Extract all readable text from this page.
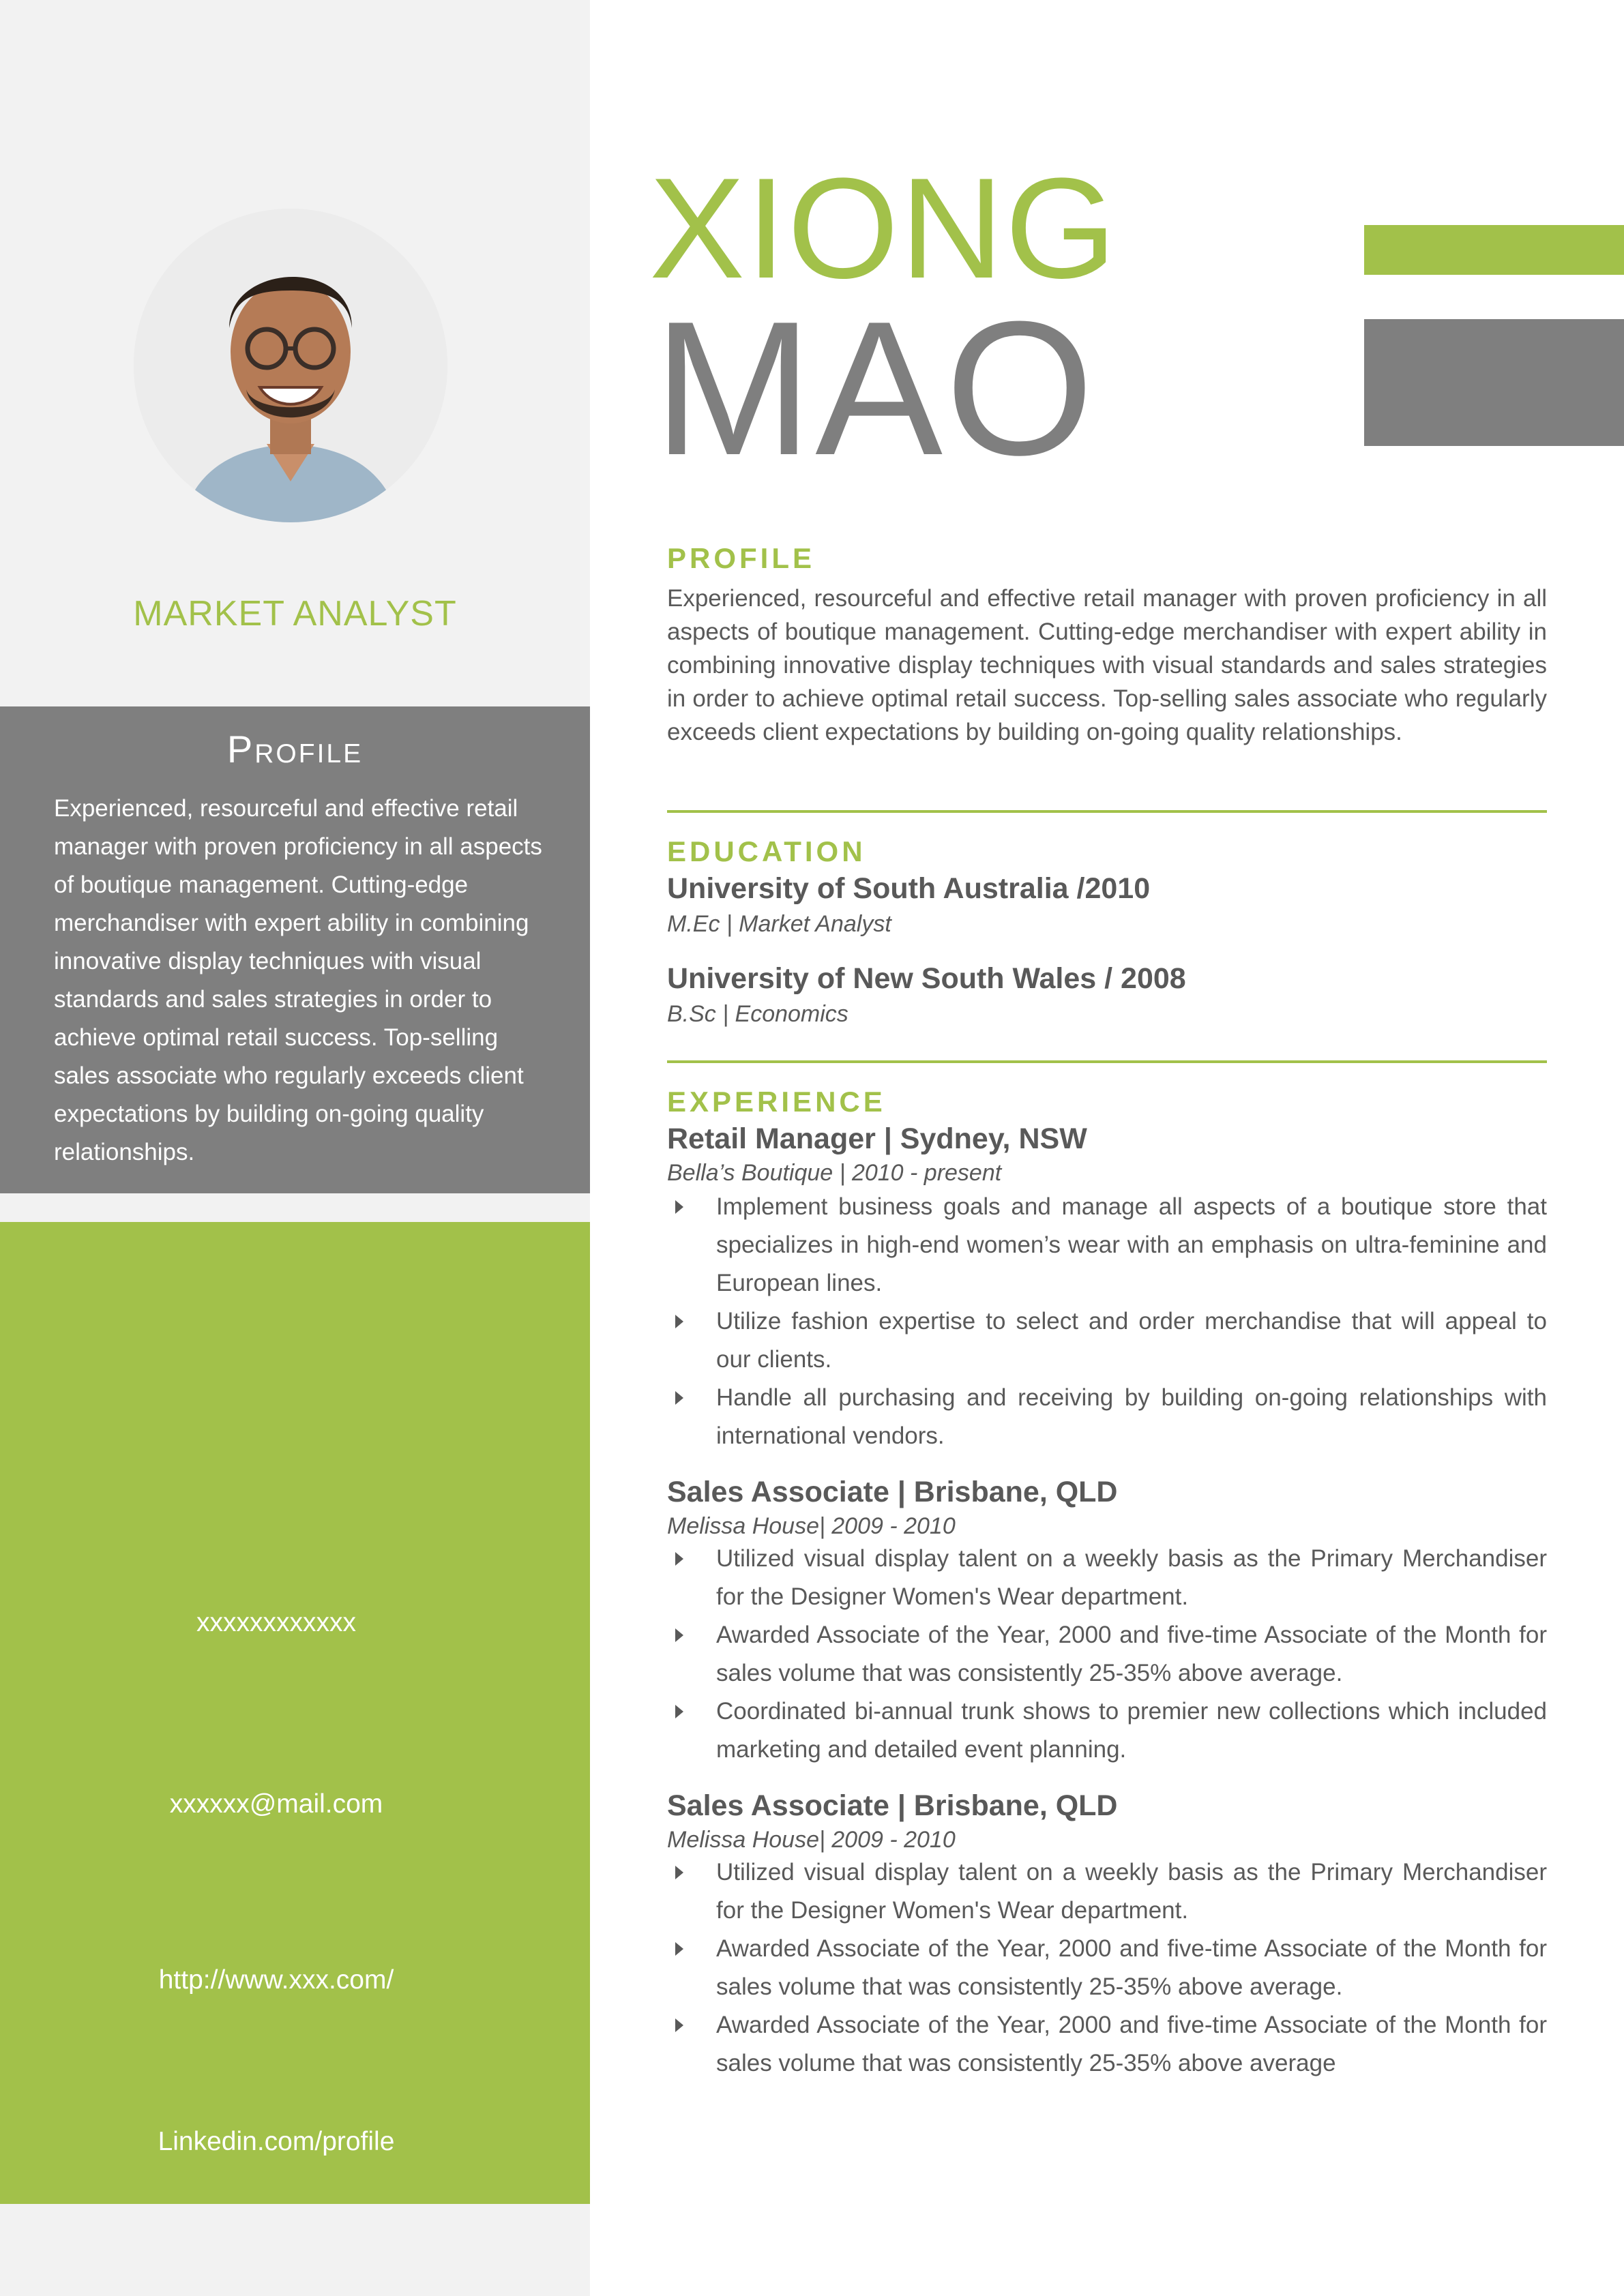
MARKET ANALYST
Profile

Experienced, resourceful and effective retail manager with proven proficiency in all aspects of boutique management. Cutting-edge merchandiser with expert ability in combining innovative display techniques with visual standards and sales strategies in order to achieve optimal retail success. Top-selling sales associate who regularly exceeds client expectations by building on-going quality relationships.

xxxxxxxxxxxx
xxxxxx@mail.com
http://www.xxx.com/
Linkedin.com/profile
XIONG
MAO
PROFILE

Experienced, resourceful and effective retail manager with proven proficiency in all aspects of boutique management. Cutting-edge merchandiser with expert ability in combining innovative display techniques with visual standards and sales strategies in order to achieve optimal retail success. Top-selling sales associate who regularly exceeds client expectations by building on-going quality relationships.

EDUCATION

University of South Australia /2010

M.Ec | Market Analyst

University of New South Wales / 2008

B.Sc | Economics

EXPERIENCE

Retail Manager | Sydney, NSW

Bella’s Boutique | 2010 - present

Implement business goals and manage all aspects of a boutique store that specializes in high-end women’s wear with an emphasis on ultra-feminine and European lines.
Utilize fashion expertise to select and order merchandise that will appeal to our clients.
Handle all purchasing and receiving by building on-going relationships with international vendors.

Sales Associate | Brisbane, QLD

Melissa House| 2009 - 2010

Utilized visual display talent on a weekly basis as the Primary Merchandiser for the Designer Women's Wear department.
Awarded Associate of the Year, 2000 and five-time Associate of the Month for sales volume that was consistently 25-35% above average.
Coordinated bi-annual trunk shows to premier new collections which included marketing and detailed event planning.

Sales Associate | Brisbane, QLD

Melissa House| 2009 - 2010

Utilized visual display talent on a weekly basis as the Primary Merchandiser for the Designer Women's Wear department.
Awarded Associate of the Year, 2000 and five-time Associate of the Month for sales volume that was consistently 25-35% above average.
Awarded Associate of the Year, 2000 and five-time Associate of the Month for sales volume that was consistently 25-35% above average
